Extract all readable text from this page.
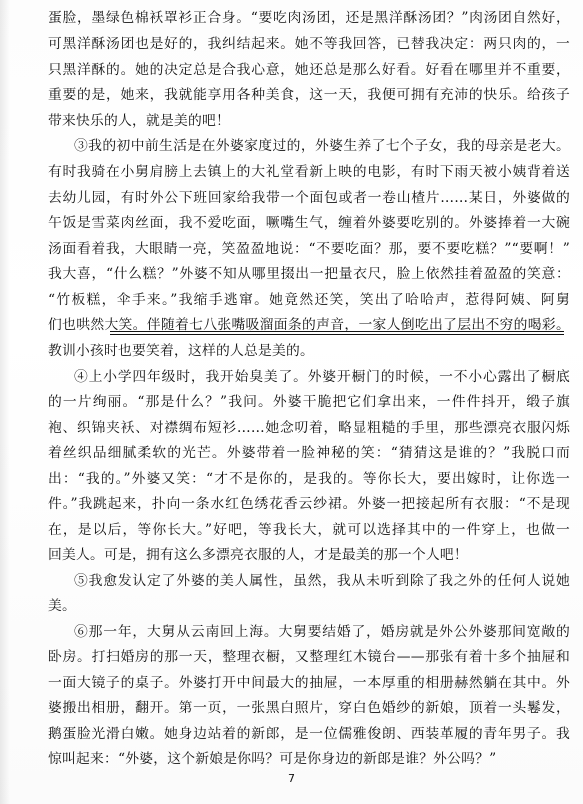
蛋脸，墨绿色棉袄罩衫正合身。“要吃肉汤团，还是黑洋酥汤团？”肉汤团自然好，
可黑洋酥汤团也是好的，我纠结起来。她不等我回答，已替我决定：两只肉的，一
只黑洋酥的。她的决定总是合我心意，她还总是那么好看。好看在哪里并不重要，
重要的是，她来，我就能享用各种美食，这一天，我便可拥有充沛的快乐。给孩子
带来快乐的人，就是美的吧！
③我的初中前生活是在外婆家度过的，外婆生养了七个子女，我的母亲是老大。
有时我骑在小舅肩膀上去镇上的大礼堂看新上映的电影，有时下雨天被小姨背着送
去幼儿园，有时外公下班回家给我带一个面包或者一卷山楂片……某日，外婆做的
午饭是雪菜肉丝面，我不爱吃面，噘嘴生气，缠着外婆要吃别的。外婆捧着一大碗
汤面看着我，大眼睛一亮，笑盈盈地说：“不要吃面？那，要不要吃糕？”“要啊！”
我大喜，“什么糕？”外婆不知从哪里掇出一把量衣尺，脸上依然挂着盈盈的笑意：
“竹板糕，伞手来。”我缩手逃窜。她竟然还笑，笑出了哈哈声，惹得阿姨、阿舅
们也哄然大笑。伴随着七八张嘴吸溜面条的声音，一家人倒吃出了层出不穷的喝彩。
教训小孩时也要笑着，这样的人总是美的。
④上小学四年级时，我开始臭美了。外婆开橱门的时候，一不小心露出了橱底
的一片绚丽。“那是什么？”我问。外婆干脆把它们拿出来，一件件抖开，缎子旗
袍、织锦夹袄、对襟绸布短衫……她念叨着，略显粗糙的手里，那些漂亮衣服闪烁
着丝织品细腻柔软的光芒。外婆带着一脸神秘的笑：“猜猜这是谁的？”我脱口而
出：“我的。”外婆又笑：“才不是你的，是我的。等你长大，要出嫁时，让你选一
件。”我跳起来，扑向一条水红色绣花香云纱裙。外婆一把接起所有衣服：“不是现
在，是以后，等你长大。”好吧，等我长大，就可以选择其中的一件穿上，也做一
回美人。可是，拥有这么多漂亮衣服的人，才是最美的那一个人吧！
⑤我愈发认定了外婆的美人属性，虽然，我从未听到除了我之外的任何人说她
美。
⑥那一年，大舅从云南回上海。大舅要结婚了，婚房就是外公外婆那间宽敞的
卧房。打扫婚房的那一天，整理衣橱，又整理红木镜台——那张有着十多个抽屉和
一面大镜子的桌子。外婆打开中间最大的抽屉，一本厚重的相册赫然躺在其中。外
婆搬出相册，翻开。第一页，一张黑白照片，穿白色婚纱的新娘，顶着一头鬈发，
鹅蛋脸光滑白嫩。她身边站着的新郎，是一位儒雅俊朗、西装革履的青年男子。我
惊叫起来：“外婆，这个新娘是你吗？可是你身边的新郎是谁？外公吗？”
7
